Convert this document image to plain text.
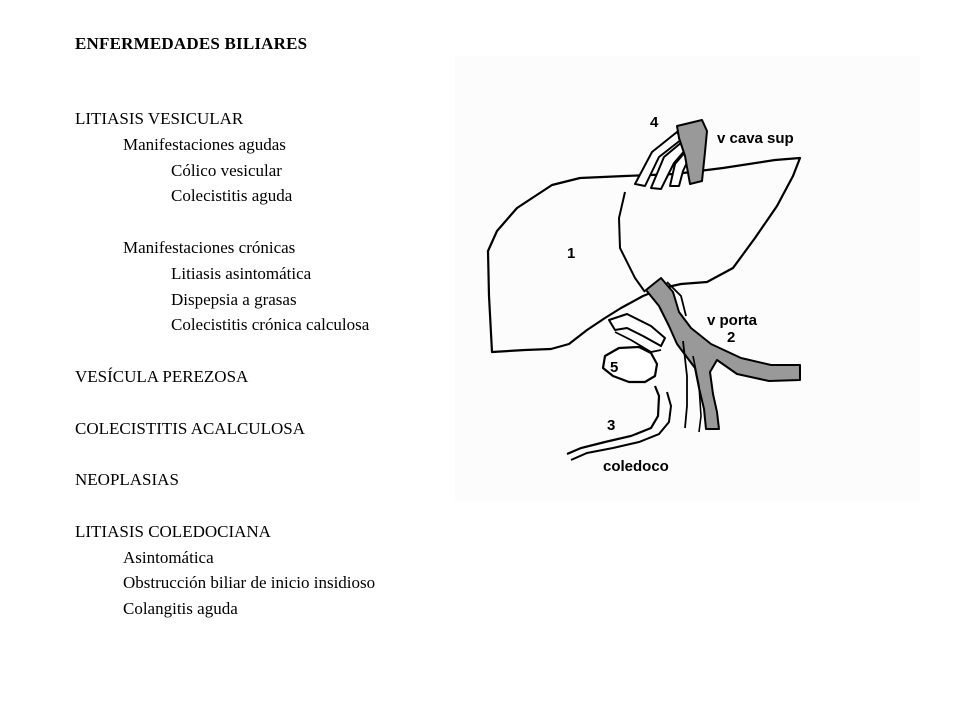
ENFERMEDADES BILIARES
LITIASIS VESICULAR
Manifestaciones agudas
Cólico vesicular
Colecistitis aguda
Manifestaciones crónicas
Litiasis asintomática
Dispepsia a grasas
Colecistitis crónica calculosa
VESÍCULA PEREZOSA
COLECISTITIS ACALCULOSA
NEOPLASIAS
LITIASIS COLEDOCIANA
Asintomática
Obstrucción biliar de inicio insidioso
Colangitis aguda
4
v cava sup
1
v porta
2
5
3
coledoco
